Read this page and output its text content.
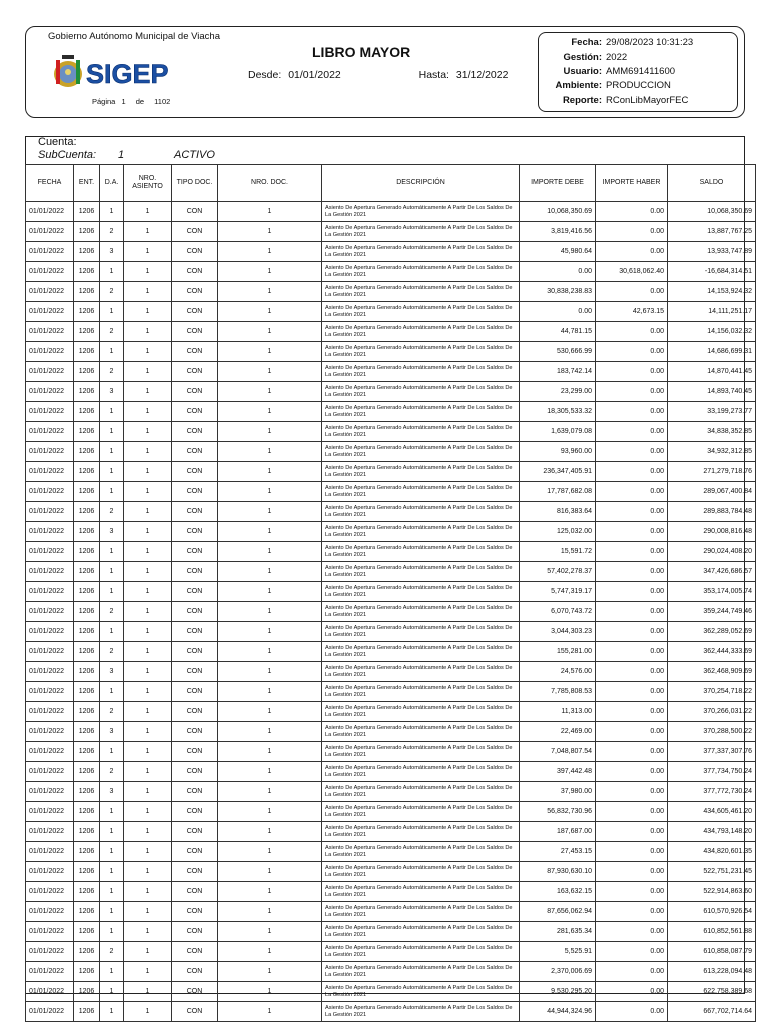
Gobierno Autónomo Municipal de Viacha
SIGEP
Página 1 de 1102
LIBRO MAYOR
Desde: 01/01/2022	Hasta: 31/12/2022
Fecha: 29/08/2023 10:31:23
Gestión: 2022
Usuario: AMM691411600
Ambiente: PRODUCCION
Reporte: RConLibMayorFEC
Cuenta:
SubCuenta: 1	ACTIVO
FECHA	ENT.	D.A.	NRO. ASIENTO	TIPO DOC.	NRO. DOC.	DESCRIPCIÓN	IMPORTE DEBE	IMPORTE HABER	SALDO
01/01/2022	1206	1	1	CON	1	Asiento De Apertura Generado Automáticamente A Partir De Los Saldos De La Gestión 2021	10,068,350.69	0.00	10,068,350.69
01/01/2022	1206	2	1	CON	1	Asiento De Apertura Generado Automáticamente A Partir De Los Saldos De La Gestión 2021	3,819,416.56	0.00	13,887,767.25
01/01/2022	1206	3	1	CON	1	Asiento De Apertura Generado Automáticamente A Partir De Los Saldos De La Gestión 2021	45,980.64	0.00	13,933,747.89
01/01/2022	1206	1	1	CON	1	Asiento De Apertura Generado Automáticamente A Partir De Los Saldos De La Gestión 2021	0.00	30,618,062.40	-16,684,314.51
01/01/2022	1206	2	1	CON	1	Asiento De Apertura Generado Automáticamente A Partir De Los Saldos De La Gestión 2021	30,838,238.83	0.00	14,153,924.32
01/01/2022	1206	1	1	CON	1	Asiento De Apertura Generado Automáticamente A Partir De Los Saldos De La Gestión 2021	0.00	42,673.15	14,111,251.17
01/01/2022	1206	2	1	CON	1	Asiento De Apertura Generado Automáticamente A Partir De Los Saldos De La Gestión 2021	44,781.15	0.00	14,156,032.32
01/01/2022	1206	1	1	CON	1	Asiento De Apertura Generado Automáticamente A Partir De Los Saldos De La Gestión 2021	530,666.99	0.00	14,686,699.31
01/01/2022	1206	2	1	CON	1	Asiento De Apertura Generado Automáticamente A Partir De Los Saldos De La Gestión 2021	183,742.14	0.00	14,870,441.45
01/01/2022	1206	3	1	CON	1	Asiento De Apertura Generado Automáticamente A Partir De Los Saldos De La Gestión 2021	23,299.00	0.00	14,893,740.45
01/01/2022	1206	1	1	CON	1	Asiento De Apertura Generado Automáticamente A Partir De Los Saldos De La Gestión 2021	18,305,533.32	0.00	33,199,273.77
01/01/2022	1206	1	1	CON	1	Asiento De Apertura Generado Automáticamente A Partir De Los Saldos De La Gestión 2021	1,639,079.08	0.00	34,838,352.85
01/01/2022	1206	1	1	CON	1	Asiento De Apertura Generado Automáticamente A Partir De Los Saldos De La Gestión 2021	93,960.00	0.00	34,932,312.85
01/01/2022	1206	1	1	CON	1	Asiento De Apertura Generado Automáticamente A Partir De Los Saldos De La Gestión 2021	236,347,405.91	0.00	271,279,718.76
01/01/2022	1206	1	1	CON	1	Asiento De Apertura Generado Automáticamente A Partir De Los Saldos De La Gestión 2021	17,787,682.08	0.00	289,067,400.84
01/01/2022	1206	2	1	CON	1	Asiento De Apertura Generado Automáticamente A Partir De Los Saldos De La Gestión 2021	816,383.64	0.00	289,883,784.48
01/01/2022	1206	3	1	CON	1	Asiento De Apertura Generado Automáticamente A Partir De Los Saldos De La Gestión 2021	125,032.00	0.00	290,008,816.48
01/01/2022	1206	1	1	CON	1	Asiento De Apertura Generado Automáticamente A Partir De Los Saldos De La Gestión 2021	15,591.72	0.00	290,024,408.20
01/01/2022	1206	1	1	CON	1	Asiento De Apertura Generado Automáticamente A Partir De Los Saldos De La Gestión 2021	57,402,278.37	0.00	347,426,686.57
01/01/2022	1206	1	1	CON	1	Asiento De Apertura Generado Automáticamente A Partir De Los Saldos De La Gestión 2021	5,747,319.17	0.00	353,174,005.74
01/01/2022	1206	2	1	CON	1	Asiento De Apertura Generado Automáticamente A Partir De Los Saldos De La Gestión 2021	6,070,743.72	0.00	359,244,749.46
01/01/2022	1206	1	1	CON	1	Asiento De Apertura Generado Automáticamente A Partir De Los Saldos De La Gestión 2021	3,044,303.23	0.00	362,289,052.69
01/01/2022	1206	2	1	CON	1	Asiento De Apertura Generado Automáticamente A Partir De Los Saldos De La Gestión 2021	155,281.00	0.00	362,444,333.69
01/01/2022	1206	3	1	CON	1	Asiento De Apertura Generado Automáticamente A Partir De Los Saldos De La Gestión 2021	24,576.00	0.00	362,468,909.69
01/01/2022	1206	1	1	CON	1	Asiento De Apertura Generado Automáticamente A Partir De Los Saldos De La Gestión 2021	7,785,808.53	0.00	370,254,718.22
01/01/2022	1206	2	1	CON	1	Asiento De Apertura Generado Automáticamente A Partir De Los Saldos De La Gestión 2021	11,313.00	0.00	370,266,031.22
01/01/2022	1206	3	1	CON	1	Asiento De Apertura Generado Automáticamente A Partir De Los Saldos De La Gestión 2021	22,469.00	0.00	370,288,500.22
01/01/2022	1206	1	1	CON	1	Asiento De Apertura Generado Automáticamente A Partir De Los Saldos De La Gestión 2021	7,048,807.54	0.00	377,337,307.76
01/01/2022	1206	2	1	CON	1	Asiento De Apertura Generado Automáticamente A Partir De Los Saldos De La Gestión 2021	397,442.48	0.00	377,734,750.24
01/01/2022	1206	3	1	CON	1	Asiento De Apertura Generado Automáticamente A Partir De Los Saldos De La Gestión 2021	37,980.00	0.00	377,772,730.24
01/01/2022	1206	1	1	CON	1	Asiento De Apertura Generado Automáticamente A Partir De Los Saldos De La Gestión 2021	56,832,730.96	0.00	434,605,461.20
01/01/2022	1206	1	1	CON	1	Asiento De Apertura Generado Automáticamente A Partir De Los Saldos De La Gestión 2021	187,687.00	0.00	434,793,148.20
01/01/2022	1206	1	1	CON	1	Asiento De Apertura Generado Automáticamente A Partir De Los Saldos De La Gestión 2021	27,453.15	0.00	434,820,601.35
01/01/2022	1206	1	1	CON	1	Asiento De Apertura Generado Automáticamente A Partir De Los Saldos De La Gestión 2021	87,930,630.10	0.00	522,751,231.45
01/01/2022	1206	1	1	CON	1	Asiento De Apertura Generado Automáticamente A Partir De Los Saldos De La Gestión 2021	163,632.15	0.00	522,914,863.60
01/01/2022	1206	1	1	CON	1	Asiento De Apertura Generado Automáticamente A Partir De Los Saldos De La Gestión 2021	87,656,062.94	0.00	610,570,926.54
01/01/2022	1206	1	1	CON	1	Asiento De Apertura Generado Automáticamente A Partir De Los Saldos De La Gestión 2021	281,635.34	0.00	610,852,561.88
01/01/2022	1206	2	1	CON	1	Asiento De Apertura Generado Automáticamente A Partir De Los Saldos De La Gestión 2021	5,525.91	0.00	610,858,087.79
01/01/2022	1206	1	1	CON	1	Asiento De Apertura Generado Automáticamente A Partir De Los Saldos De La Gestión 2021	2,370,006.69	0.00	613,228,094.48
01/01/2022	1206	1	1	CON	1	Asiento De Apertura Generado Automáticamente A Partir De Los Saldos De La Gestión 2021	9,530,295.20	0.00	622,758,389.68
01/01/2022	1206	1	1	CON	1	Asiento De Apertura Generado Automáticamente A Partir De Los Saldos De La Gestión 2021	44,944,324.96	0.00	667,702,714.64
